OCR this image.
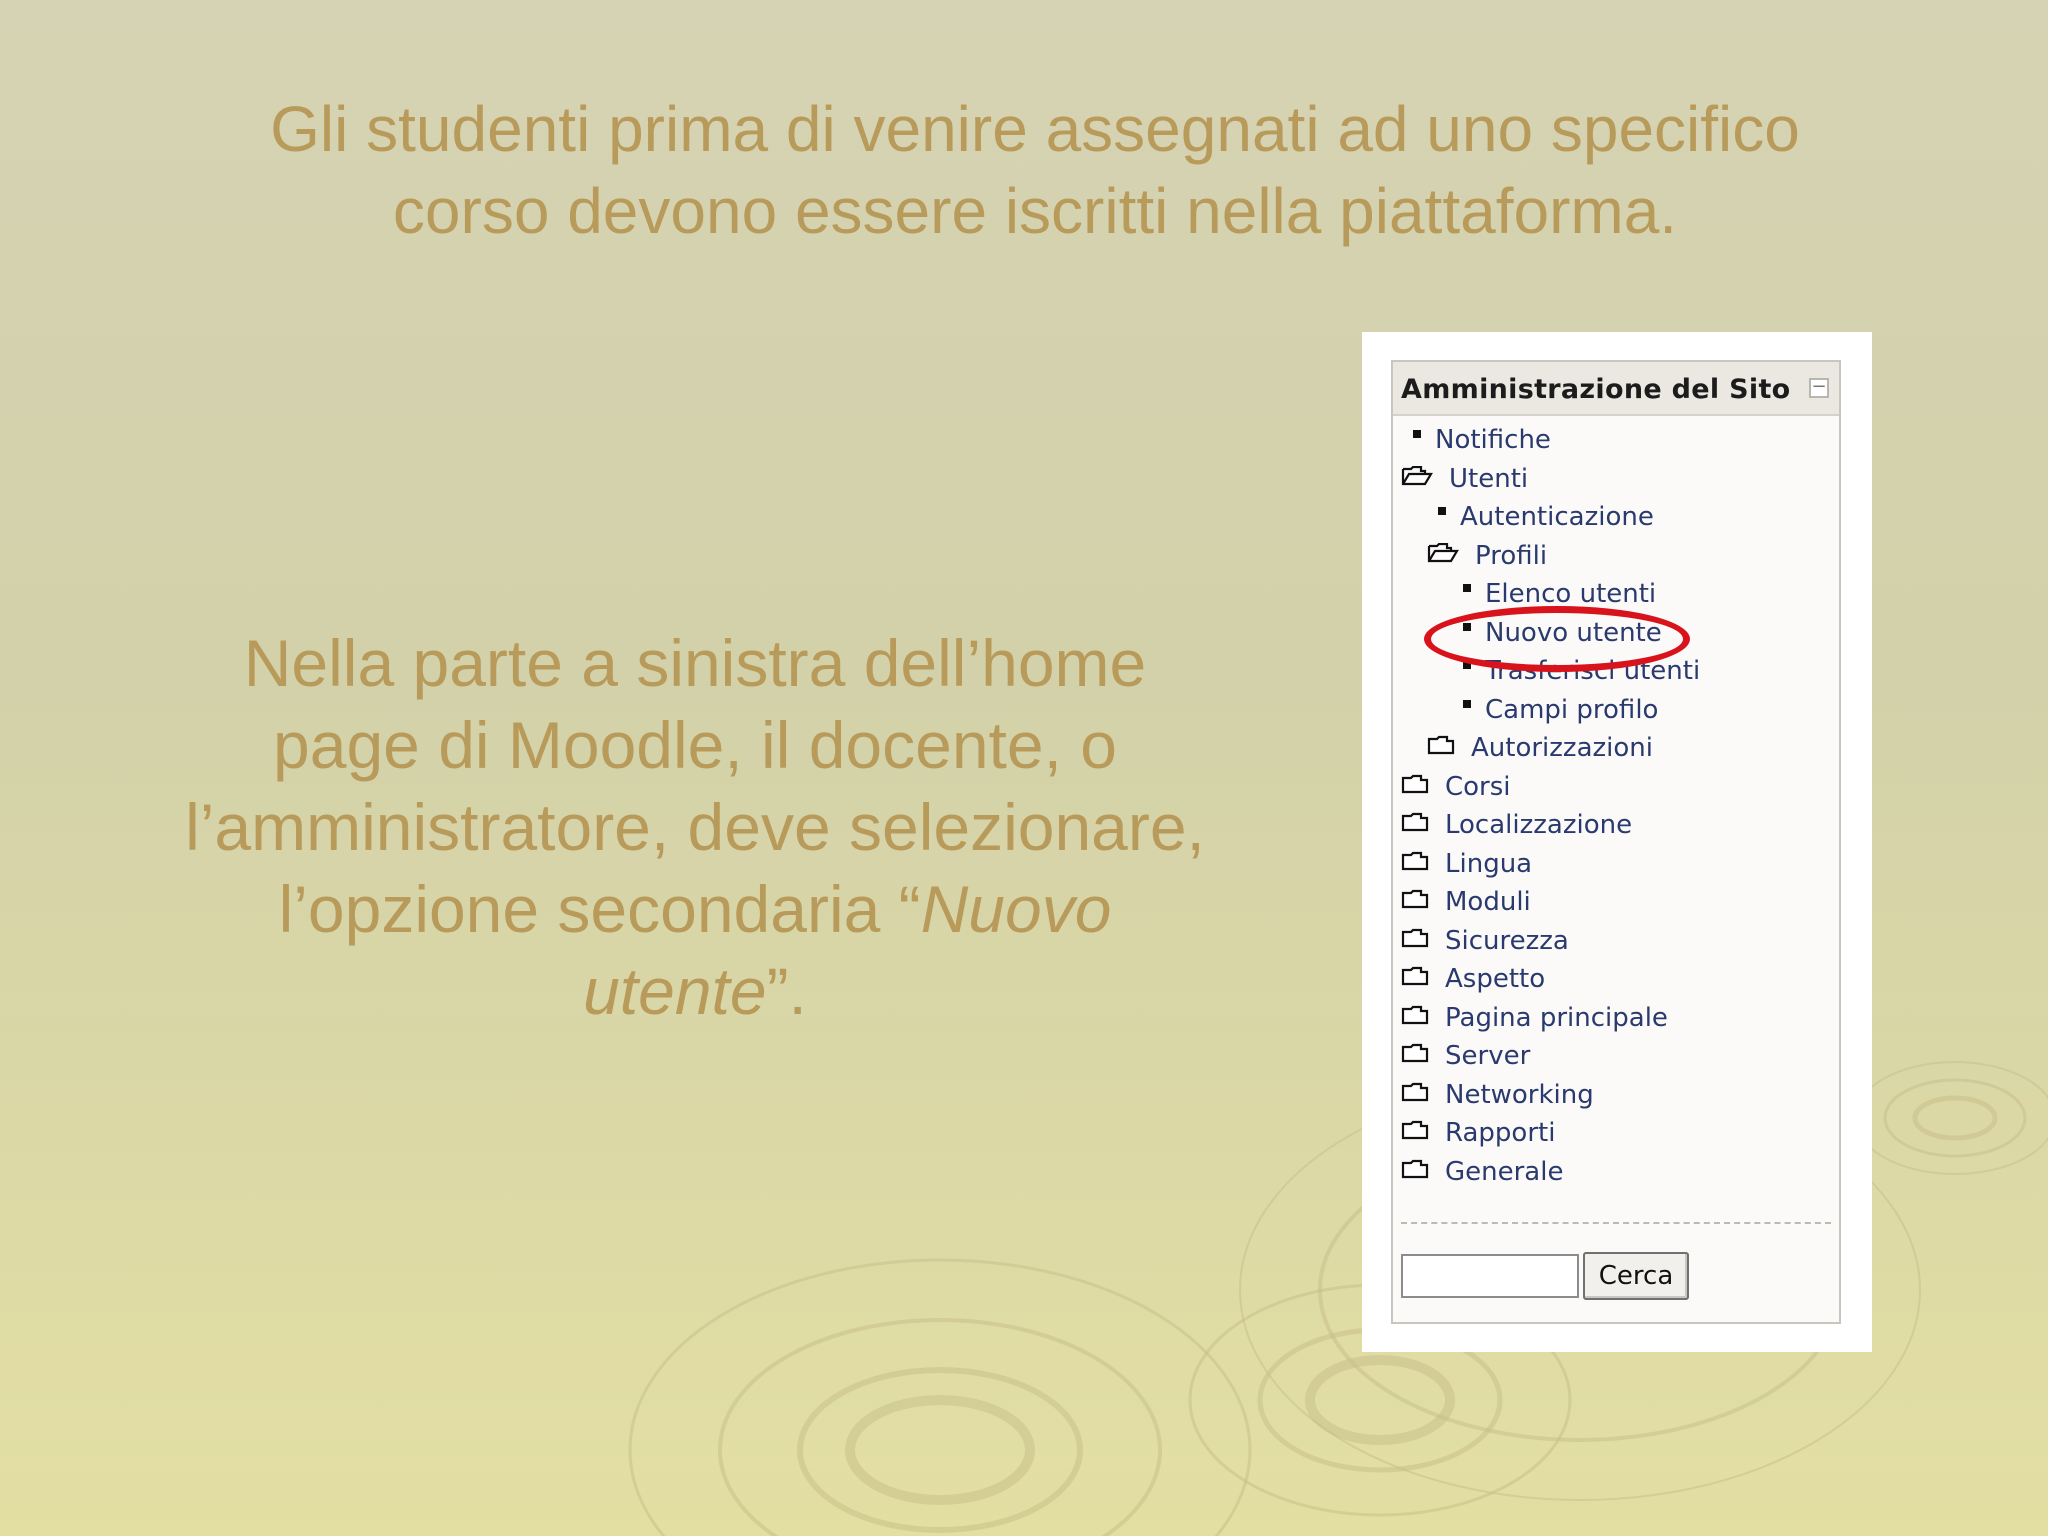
Gli studenti prima di venire assegnati ad uno specifico
corso devono essere iscritti nella piattaforma.
Nella parte a sinistra dell’home
page di Moodle, il docente, o
l’amministratore, deve selezionare,
l’opzione secondaria “Nuovo
utente”.
Amministrazione del Sito −
Notifiche
Utenti
Autenticazione
Profili
Elenco utenti
Nuovo utente
Trasferisci utenti
Campi profilo
Autorizzazioni
Corsi
Localizzazione
Lingua
Moduli
Sicurezza
Aspetto
Pagina principale
Server
Networking
Rapporti
Generale
Cerca
